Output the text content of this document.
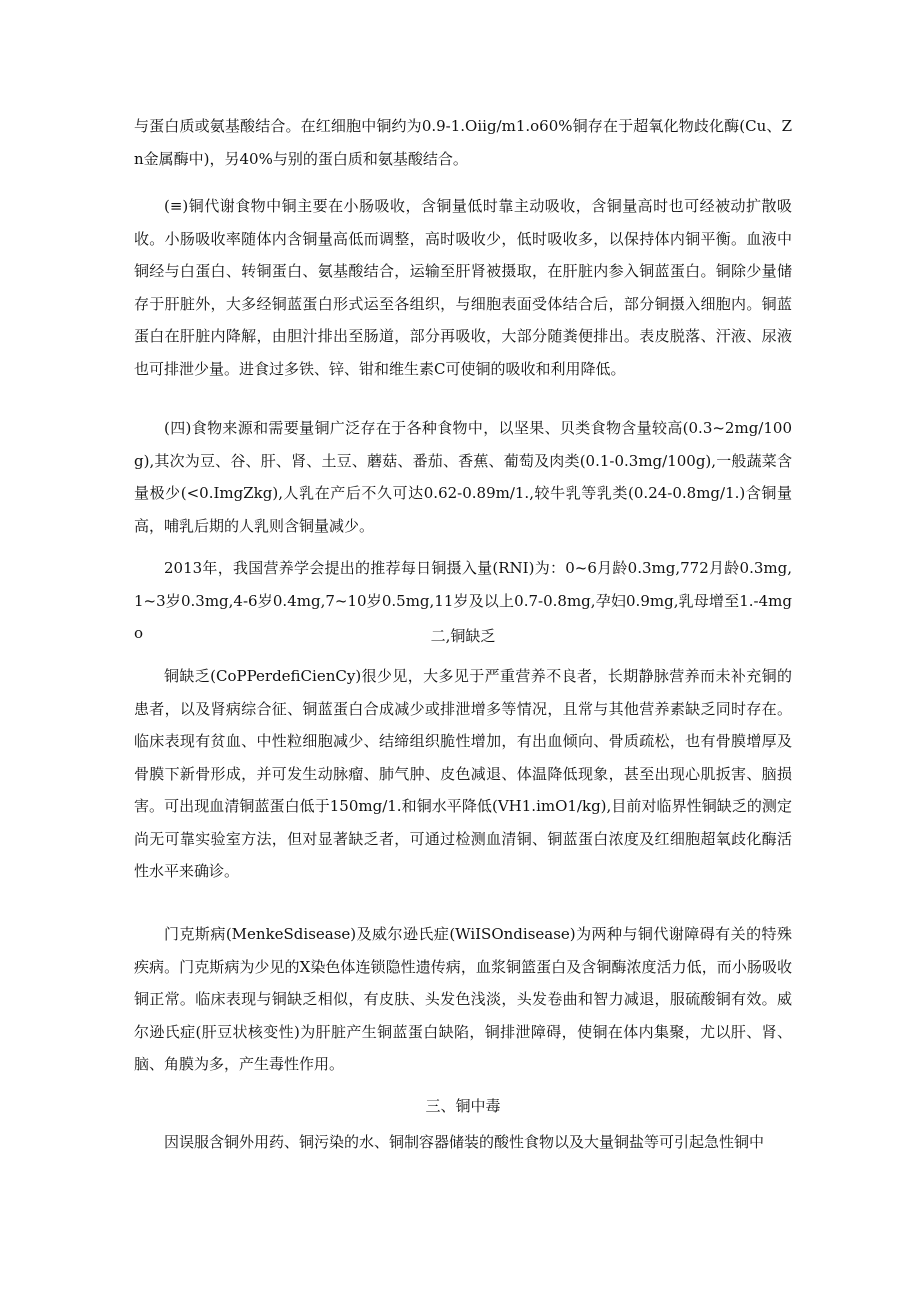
与蛋白质或氨基酸结合。在红细胞中铜约为0.9-1.Oiig∕m1.o60%铜存在于超氧化物歧化酶(Cu、Zn金属酶中)，另40%与别的蛋白质和氨基酸结合。

(≡)铜代谢食物中铜主要在小肠吸收，含铜量低时靠主动吸收，含铜量高时也可经被动扩散吸收。小肠吸收率随体内含铜量高低而调整，高时吸收少，低时吸收多，以保持体内铜平衡。血液中铜经与白蛋白、转铜蛋白、氨基酸结合，运输至肝肾被摄取，在肝脏内参入铜蓝蛋白。铜除少量储存于肝脏外，大多经铜蓝蛋白形式运至各组织，与细胞表面受体结合后，部分铜摄入细胞内。铜蓝蛋白在肝脏内降解，由胆汁排出至肠道，部分再吸收，大部分随粪便排出。表皮脱落、汗液、尿液也可排泄少量。进食过多铁、锌、钳和维生素C可使铜的吸收和利用降低。

(四)食物来源和需要量铜广泛存在于各种食物中，以坚果、贝类食物含量较高(0.3~2mg∕100g),其次为豆、谷、肝、肾、土豆、蘑菇、番茄、香蕉、葡萄及肉类(0.1-0.3mg∕100g),一般蔬菜含量极少(<0.ImgZkg),人乳在产后不久可达0.62-0.89m∕1.,较牛乳等乳类(0.24-0.8mg∕1.)含铜量高，哺乳后期的人乳则含铜量减少。

2013年，我国营养学会提出的推荐每日铜摄入量(RNI)为：0~6月龄0.3mg,772月龄0.3mg,1~3岁0.3mg,4-6岁0.4mg,7~10岁0.5mg,11岁及以上0.7-0.8mg,孕妇0.9mg,乳母增至1.-4mgo	二,铜缺乏

铜缺乏(CoPPerdefiCienCy)很少见，大多见于严重营养不良者，长期静脉营养而未补充铜的患者，以及肾病综合征、铜蓝蛋白合成减少或排泄增多等情况，且常与其他营养素缺乏同时存在。临床表现有贫血、中性粒细胞减少、结缔组织脆性增加，有出血倾向、骨质疏松，也有骨膜增厚及骨膜下新骨形成，并可发生动脉瘤、肺气肿、皮色减退、体温降低现象，甚至出现心肌扳害、脑损害。可出现血清铜蓝蛋白低于150mg∕1.和铜水平降低(VH1.imO1∕kg),目前对临界性铜缺乏的测定尚无可靠实验室方法，但对显著缺乏者，可通过检测血清铜、铜蓝蛋白浓度及红细胞超氧歧化酶活性水平来确诊。

门克斯病(MenkeSdisease)及威尔逊氏症(WiISOndisease)为两种与铜代谢障碍有关的特殊疾病。门克斯病为少见的X染色体连锁隐性遗传病，血浆铜篮蛋白及含铜酶浓度活力低，而小肠吸收铜正常。临床表现与铜缺乏相似，有皮肤、头发色浅淡，头发卷曲和智力减退，服硫酸铜有效。威尔逊氏症(肝豆状核变性)为肝脏产生铜蓝蛋白缺陷，铜排泄障碍，使铜在体内集聚，尤以肝、肾、脑、角膜为多，产生毒性作用。

三、铜中毒

因误服含铜外用药、铜污染的水、铜制容器储装的酸性食物以及大量铜盐等可引起急性铜中
